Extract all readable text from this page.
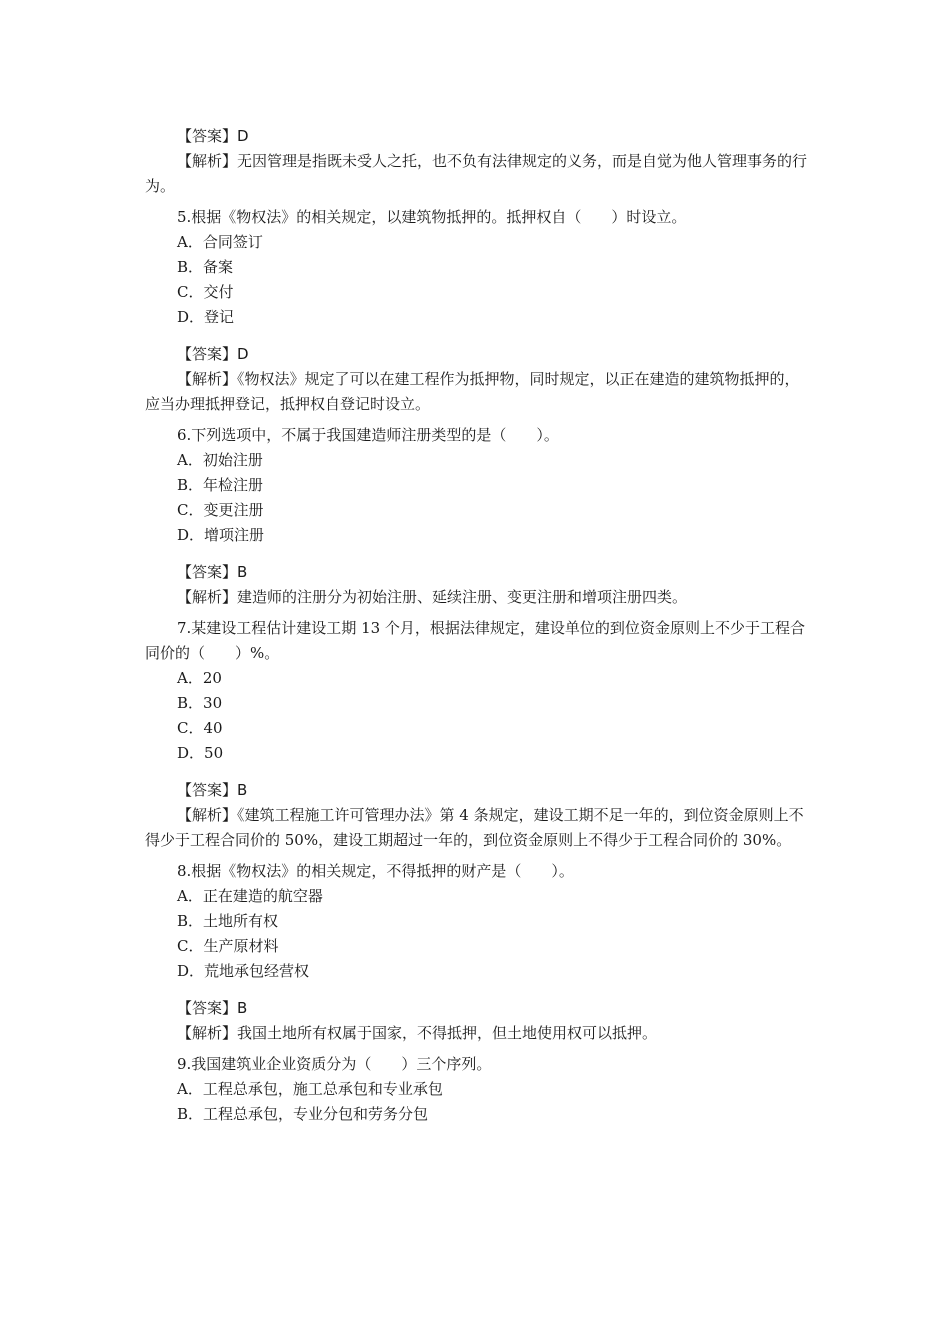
【答案】D
【解析】无因管理是指既未受人之托，也不负有法律规定的义务，而是自觉为他人管理事务的行为。
5.根据《物权法》的相关规定，以建筑物抵押的。抵押权自（　　）时设立。
A．合同签订
B．备案
C．交付
D．登记
【答案】D
【解析】《物权法》规定了可以在建工程作为抵押物，同时规定，以正在建造的建筑物抵押的，应当办理抵押登记，抵押权自登记时设立。
6.下列选项中，不属于我国建造师注册类型的是（　　）。
A．初始注册
B．年检注册
C．变更注册
D．增项注册
【答案】B
【解析】建造师的注册分为初始注册、延续注册、变更注册和增项注册四类。
7.某建设工程估计建设工期 13 个月，根据法律规定，建设单位的到位资金原则上不少于工程合同价的（　　）%。
A．20
B．30
C．40
D．50
【答案】B
【解析】《建筑工程施工许可管理办法》第 4 条规定，建设工期不足一年的，到位资金原则上不得少于工程合同价的 50%，建设工期超过一年的，到位资金原则上不得少于工程合同价的 30%。
8.根据《物权法》的相关规定，不得抵押的财产是（　　）。
A．正在建造的航空器
B．土地所有权
C．生产原材料
D．荒地承包经营权
【答案】B
【解析】我国土地所有权属于国家，不得抵押，但土地使用权可以抵押。
9.我国建筑业企业资质分为（　　）三个序列。
A．工程总承包，施工总承包和专业承包
B．工程总承包，专业分包和劳务分包
